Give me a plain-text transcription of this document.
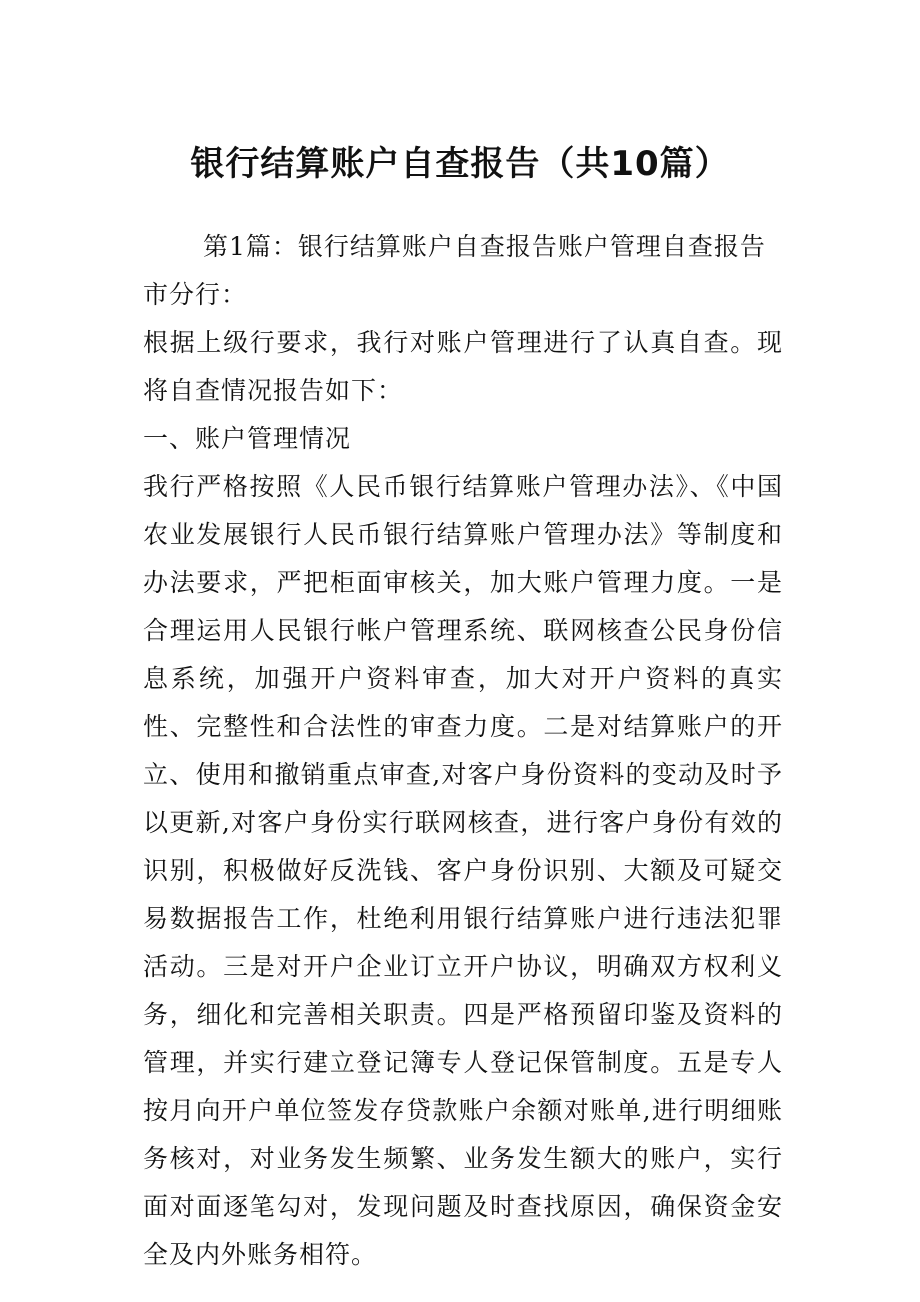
银行结算账户自查报告（共10篇）

第1篇：银行结算账户自查报告账户管理自查报告

市分行：

根据上级行要求，我行对账户管理进行了认真自查。现将自查情况报告如下：

一、账户管理情况

我行严格按照《人民币银行结算账户管理办法》、《中国农业发展银行人民币银行结算账户管理办法》等制度和办法要求，严把柜面审核关，加大账户管理力度。一是合理运用人民银行帐户管理系统、联网核查公民身份信息系统，加强开户资料审查，加大对开户资料的真实性、完整性和合法性的审查力度。二是对结算账户的开立、使用和撤销重点审查,对客户身份资料的变动及时予以更新,对客户身份实行联网核查，进行客户身份有效的识别，积极做好反洗钱、客户身份识别、大额及可疑交易数据报告工作，杜绝利用银行结算账户进行违法犯罪活动。三是对开户企业订立开户协议，明确双方权利义务，细化和完善相关职责。四是严格预留印鉴及资料的管理，并实行建立登记簿专人登记保管制度。五是专人按月向开户单位签发存贷款账户余额对账单,进行明细账务核对，对业务发生频繁、业务发生额大的账户，实行面对面逐笔勾对，发现问题及时查找原因，确保资金安全及内外账务相符。
